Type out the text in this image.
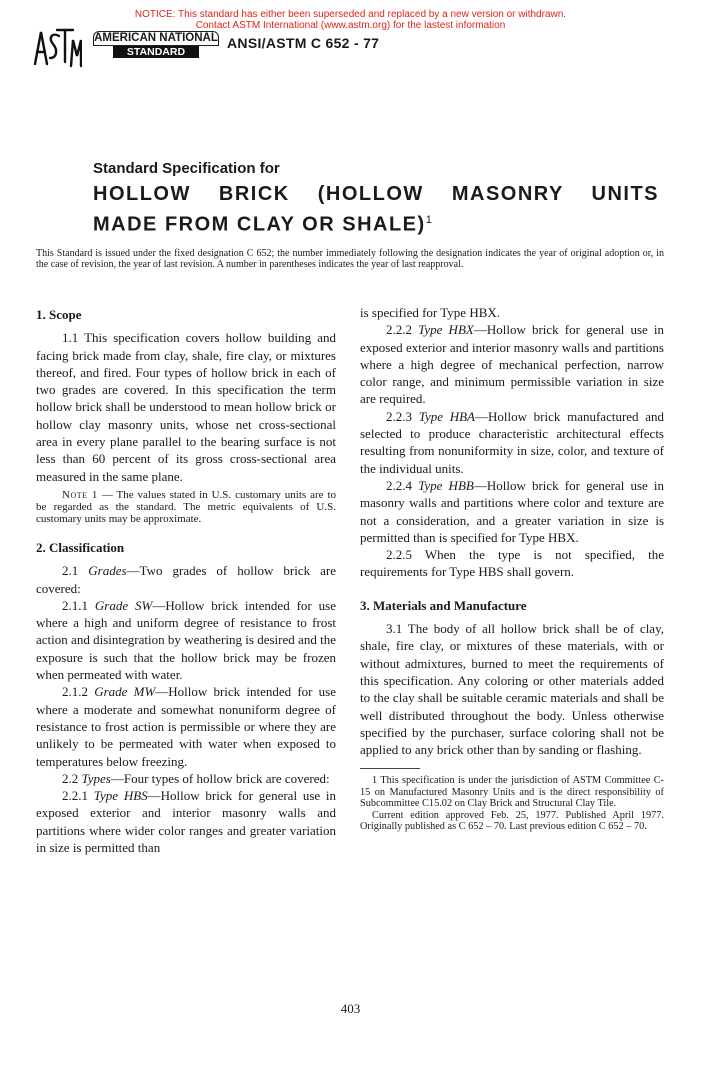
NOTICE: This standard has either been superseded and replaced by a new version or withdrawn.
Contact ASTM International (www.astm.org) for the lastest information
AMERICAN NATIONAL
STANDARD
ANSI/ASTM C 652 - 77
Standard Specification for
HOLLOW BRICK (HOLLOW MASONRY UNITS
MADE FROM CLAY OR SHALE)$^1$
This Standard is issued under the fixed designation C 652; the number immediately following the designation indicates the year of original adoption or, in the case of revision, the year of last revision. A number in parentheses indicates the year of last reapproval.
1. Scope

1.1 This specification covers hollow building and facing brick made from clay, shale, fire clay, or mixtures thereof, and fired. Four types of hollow brick in each of two grades are covered. In this specification the term hollow brick shall be understood to mean hollow brick or hollow clay masonry units, whose net cross-sectional area in every plane parallel to the bearing surface is not less than 60 percent of its gross cross-sectional area measured in the same plane.

Note 1 — The values stated in U.S. customary units are to be regarded as the standard. The metric equivalents of U.S. customary units may be approximate.

2. Classification

2.1 Grades—Two grades of hollow brick are covered:

2.1.1 Grade SW—Hollow brick intended for use where a high and uniform degree of resistance to frost action and disintegration by weathering is desired and the exposure is such that the hollow brick may be frozen when permeated with water.

2.1.2 Grade MW—Hollow brick intended for use where a moderate and somewhat nonuniform degree of resistance to frost action is permissible or where they are unlikely to be permeated with water when exposed to temperatures below freezing.

2.2 Types—Four types of hollow brick are covered:

2.2.1 Type HBS—Hollow brick for general use in exposed exterior and interior masonry walls and partitions where wider color ranges and greater variation in size is permitted than

is specified for Type HBX.

2.2.2 Type HBX—Hollow brick for general use in exposed exterior and interior masonry walls and partitions where a high degree of mechanical perfection, narrow color range, and minimum permissible variation in size are required.

2.2.3 Type HBA—Hollow brick manufactured and selected to produce characteristic architectural effects resulting from nonuniformity in size, color, and texture of the individual units.

2.2.4 Type HBB—Hollow brick for general use in masonry walls and partitions where color and texture are not a consideration, and a greater variation in size is permitted than is specified for Type HBX.

2.2.5 When the type is not specified, the requirements for Type HBS shall govern.

3. Materials and Manufacture

3.1 The body of all hollow brick shall be of clay, shale, fire clay, or mixtures of these materials, with or without admixtures, burned to meet the requirements of this specification. Any coloring or other materials added to the clay shall be suitable ceramic materials and shall be well distributed throughout the body. Unless otherwise specified by the purchaser, surface coloring shall not be applied to any brick other than by sanding or flashing.

1 This specification is under the jurisdiction of ASTM Committee C-15 on Manufactured Masonry Units and is the direct responsibility of Subcommittee C15.02 on Clay Brick and Structural Clay Tile.

Current edition approved Feb. 25, 1977. Published April 1977. Originally published as C 652 – 70. Last previous edition C 652 – 70.

403
